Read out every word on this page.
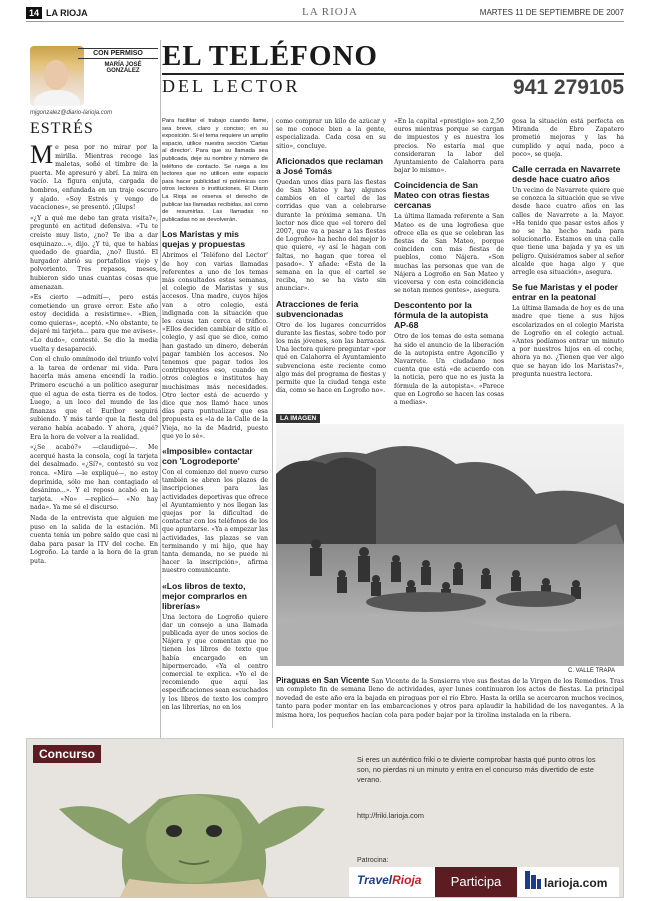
14 LA RIOJA	LA RIOJA	MARTES 11 DE SEPTIEMBRE DE 2007
CON PERMISO
MARÍA JOSÉ GONZÁLEZ
mjgonzalez@diario-larioja.com
ESTRÉS

Me pesa por no mirar por la mirilla. Mientras recoge las maletas, soñé el timbre de la puerta. Me apresuró y abrí. La mira en vacío. La figura enjuta, cargada de hombros, enfundada en un traje oscuro y ajado. «Soy Estrés y vengo de vacaciones», se presentó. ¡Glups!

«¿Y a qué me debe tan grata visita?», pregunté en actitud defensiva. «Tu te creíste muy listo, ¿no? Te iba a dar esquinazo...», dijo. ¿Y tú, que te habías quedado de guardia, ¿no? Ilustó. El hurgador abrió su portafolios viejo y polvoriento. Tres repasos, meses, hubieron sido unas cuantas cosas que amenazan.

«Es cierto —admití—, pero estás cometiendo un grave error. Este año estoy decidida a resistirme». «Bien, como quieras», aceptó. «No obstante, te dejaré mi tarjeta... para que me avises». «Lo dudo», contesté. Se dio la media vuelta y desapareció.

Con el chulo omnímodo del triunfo volví a la tarea de ordenar mi vida. Para hacerla más amena encendí la radio. Primero escuché a un político asegurar que el agua de esta tierra es de todos. Luego, a un loco del mundo de las finanzas que el Euríbor seguirá subiendo. Y más tarde que la fiesta del verano había acabado. Y ahora, ¿qué? Era la hora de volver a la realidad.

«¿Se acabó?» —claudiqué—. Me acerqué hasta la consola, cogí la tarjeta del desalmado. «¿Sí?», contestó su voz ronca. «Mira —le expliqué—, no estoy deprimida, sólo me han contagiado el desánimo...». Y el reposo acabó en la tarjeta. «No» —replicó— «No hay nada». Ya me sé el discurso.

Nada de la entrevista que alguien me puso en la salida de la estación. Mi cuenta tenía un pobre saldo que casi ni daba para pasar la ITV del coche. En Logroño. La tarde a la hora de la gran puta.

EL TELÉFONO
DEL LECTOR	941 279105

Para facilitar el trabajo cuando llame, sea breve, claro y conciso; en su exposición. Si el tema requiere un amplio espacio, utilice nuestra sección 'Cartas al director'. Para que su llamada sea publicada, deje su nombre y número de teléfono de contacto. Se ruega a los lectores que no utilicen este espacio para hacer publicidad ni polémicas con otros lectores o instituciones. El Diario La Rioja se reserva el derecho de publicar las llamadas recibidas, así como de resumirlas. Las llamadas no publicadas no se devolverán.

Los Maristas y mis quejas y propuestas

Abrimos el 'Teléfono del Lector' de hoy con varias llamadas referentes a uno de los temas más consultados estas semanas, el colegio de Maristas y sus accesos. Una madre, cuyos hijos van a otro colegio, está indignada con la situación que les causa tan cerca el tráfico. «Ellos deciden cambiar de sitio el colegio, y así que se dice, como han gastado un dinero, deberán pagar también los accesos. No tenemos que pagar todos los contribuyentes eso, cuando en otros colegios e institutos hay muchísimas más necesidades. Otro lector está de acuerdo y dice que nos llamó hace unos días para puntualizar que esa propuesta es «la de la Calle de la Vieja, no la de Madrid, puesto que yo lo sé».

«Imposible» contactar con 'Logrodeporte'

Con el comienzo del nuevo curso también se abren los plazos de inscripciones para las actividades deportivas que ofrece el Ayuntamiento y nos llegan las quejas por la dificultad de contactar con los teléfonos de los que apuntarse. «Ya a empezar las actividades, las plazas se van terminando y mi hijo, que hay tanta demanda, no se puede ni hacer la inscripción», afirma nuestro comunicante.

«Los libros de texto, mejor comprarlos en librerías»

Una lectora de Logroño quiere dar un consejo a una llamada publicada ayer de unos socios de Nájera y que comentan que no tienen los libros de texto que había encargado en un hipermercado. «Ya el centro comercial te explica. «Yo el de recomiendo que aquí las especificaciones sean escuchados y los libros de texto los compro en las librerías, no en los

como comprar un kilo de azúcar y se me conoce bien a la gente, especializada. Cada cosa en su sitio», concluye.

Aficionados que reclaman a José Tomás

Quedan unos días para las fiestas de San Mateo y hay algunos cambios en el cartel de las corridas que van a celebrarse durante la próxima semana. Un lector nos dice que «el torero del 2007, que va a pasar a las fiestas de Logroño» ha hecho del mejor lo que quiere, «y así le hagan con faltas, no hagan que torea el pasado». Y añade: «Ésta de la semana en la que el cartel se reciba, no se ha visto sin anunciar».

Atracciones de feria subvencionadas

Otro de los lugares concurridos durante las fiestas, sobre todo por los más jóvenes, son las barracas. Una lectora quiere preguntar «por qué en Calahorra el Ayuntamiento subvenciona este reciente como algo más del programa de fiestas y permite que la ciudad tenga este día, como se hace en Logroño no».

«En la capital «prestigio» son 2,50 euros mientras porque se cargan de impuestos y es nuestra los precios. No estaría mal que consideraran la labor del Ayuntamiento de Calahorra para bajar lo mismo».

Coincidencia de San Mateo con otras fiestas cercanas

La última llamada referente a San Mateo es de una logroñesa que ofrece ella es que se celebran las fiestas de San Mateo, porque coinciden con más fiestas de pueblos, como Nájera. «Son muchas las personas que van de Nájera a Logroño en San Mateo y viceversa y con esta coincidencia se notan menos gentes», asegura.

Descontento por la fórmula de la autopista AP-68

Otro de los temas de esta semana ha sido el anuncio de la liberación de la autopista entre Agoncillo y Navarrete. Un ciudadano nos cuenta que está «de acuerdo con la noticia, pero que no es justa la fórmula de la autopista». «Parece que en Logroño se hacen las cosas a medias».

gosa la situación está perfecta en Miranda de Ebro Zapatero prometió mejoras y las ha cumplido y aquí nada, poco a poco», se queja.

Calle cerrada en Navarrete desde hace cuatro años

Un vecino de Navarrete quiere que se conozca la situación que se vive desde hace cuatro años en las calles de Navarrete a la Mayor. «Ha tenido que pasar estos años y no se ha hecho nada para solucionarlo. Estamos en una calle que tiene una bajada y ya es un peligro. Quisiéramos saber al señor alcalde que haga algo y que arregle esa situación», asegura.

Se fue Maristas y el poder entrar en la peatonal

La última llamada de hoy es de una madre que tiene a sus hijos escolarizados en el colegio Marista de Logroño en el colegio actual. «Antes podíamos entrar un minuto a por nuestros hijos en el coche, ahora ya no. ¿Tienen que ver algo que se hayan ido los Maristas?», pregunta nuestra lectora.

LA IMAGEN
C. VALLE TRAPA
Piraguas en San Vicente San Vicente de la Sonsierra vive sus fiestas de la Virgen de los Remedios. Tras un completo fin de semana lleno de actividades, ayer lunes continuaron los actos de fiestas. La principal novedad de este año era la bajada en piraguas por el río Ebro. Hasta la orilla se acercaron muchos vecinos, tanto para poder montar en las embarcaciones y otros para aplaudir la habilidad de los navegantes. A la misma hora, los pequeños hacían cola para poder bajar por la tirolina instalada en la ribera.
Concurso	Si eres un auténtico friki o te divierte comprobar hasta qué punto otros los son, no pierdas ni un minuto y entra en el concurso más divertido de este verano.
http://friki.larioja.com
Patrocina:
TravelRioja	Participa	larioja.com
